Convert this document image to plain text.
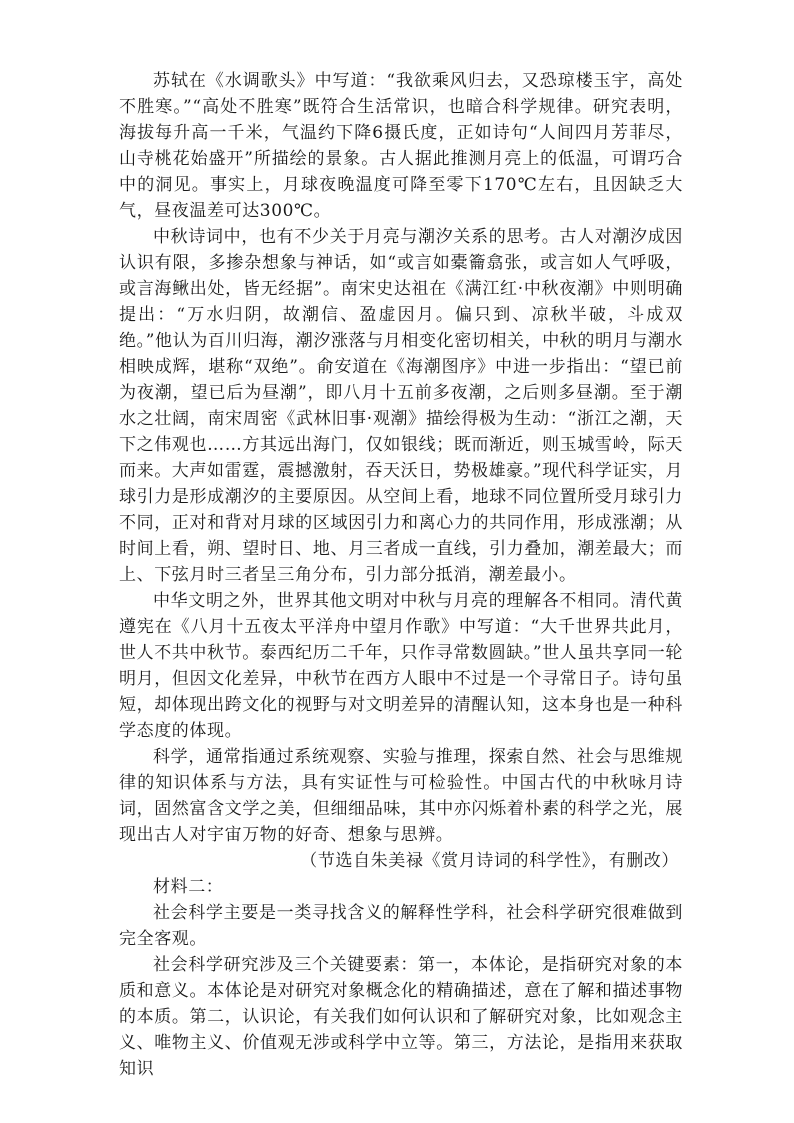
苏轼在《水调歌头》中写道：“我欲乘风归去，又恐琼楼玉宇，高处不胜寒。”“高处不胜寒”既符合生活常识，也暗合科学规律。研究表明，海拔每升高一千米，气温约下降6摄氏度，正如诗句“人间四月芳菲尽，山寺桃花始盛开”所描绘的景象。古人据此推测月亮上的低温，可谓巧合中的洞见。事实上，月球夜晚温度可降至零下170℃左右，且因缺乏大气，昼夜温差可达300℃。

中秋诗词中，也有不少关于月亮与潮汐关系的思考。古人对潮汐成因认识有限，多掺杂想象与神话，如“或言如橐籥翕张，或言如人气呼吸，或言海鳅出处，皆无经据”。南宋史达祖在《满江红·中秋夜潮》中则明确提出：“万水归阴，故潮信、盈虚因月。偏只到、凉秋半破，斗成双绝。”他认为百川归海，潮汐涨落与月相变化密切相关，中秋的明月与潮水相映成辉，堪称“双绝”。俞安道在《海潮图序》中进一步指出：“望已前为夜潮，望已后为昼潮”，即八月十五前多夜潮，之后则多昼潮。至于潮水之壮阔，南宋周密《武林旧事·观潮》描绘得极为生动：“浙江之潮，天下之伟观也……方其远出海门，仅如银线；既而渐近，则玉城雪岭，际天而来。大声如雷霆，震撼激射，吞天沃日，势极雄豪。”现代科学证实，月球引力是形成潮汐的主要原因。从空间上看，地球不同位置所受月球引力不同，正对和背对月球的区域因引力和离心力的共同作用，形成涨潮；从时间上看，朔、望时日、地、月三者成一直线，引力叠加，潮差最大；而上、下弦月时三者呈三角分布，引力部分抵消，潮差最小。

中华文明之外，世界其他文明对中秋与月亮的理解各不相同。清代黄遵宪在《八月十五夜太平洋舟中望月作歌》中写道：“大千世界共此月，世人不共中秋节。泰西纪历二千年，只作寻常数圆缺。”世人虽共享同一轮明月，但因文化差异，中秋节在西方人眼中不过是一个寻常日子。诗句虽短，却体现出跨文化的视野与对文明差异的清醒认知，这本身也是一种科学态度的体现。

科学，通常指通过系统观察、实验与推理，探索自然、社会与思维规律的知识体系与方法，具有实证性与可检验性。中国古代的中秋咏月诗词，固然富含文学之美，但细细品味，其中亦闪烁着朴素的科学之光，展现出古人对宇宙万物的好奇、想象与思辨。

（节选自朱美禄《赏月诗词的科学性》，有删改）

材料二：

社会科学主要是一类寻找含义的解释性学科，社会科学研究很难做到完全客观。

社会科学研究涉及三个关键要素：第一，本体论，是指研究对象的本质和意义。本体论是对研究对象概念化的精确描述，意在了解和描述事物的本质。第二，认识论，有关我们如何认识和了解研究对象，比如观念主义、唯物主义、价值观无涉或科学中立等。第三，方法论，是指用来获取知识
